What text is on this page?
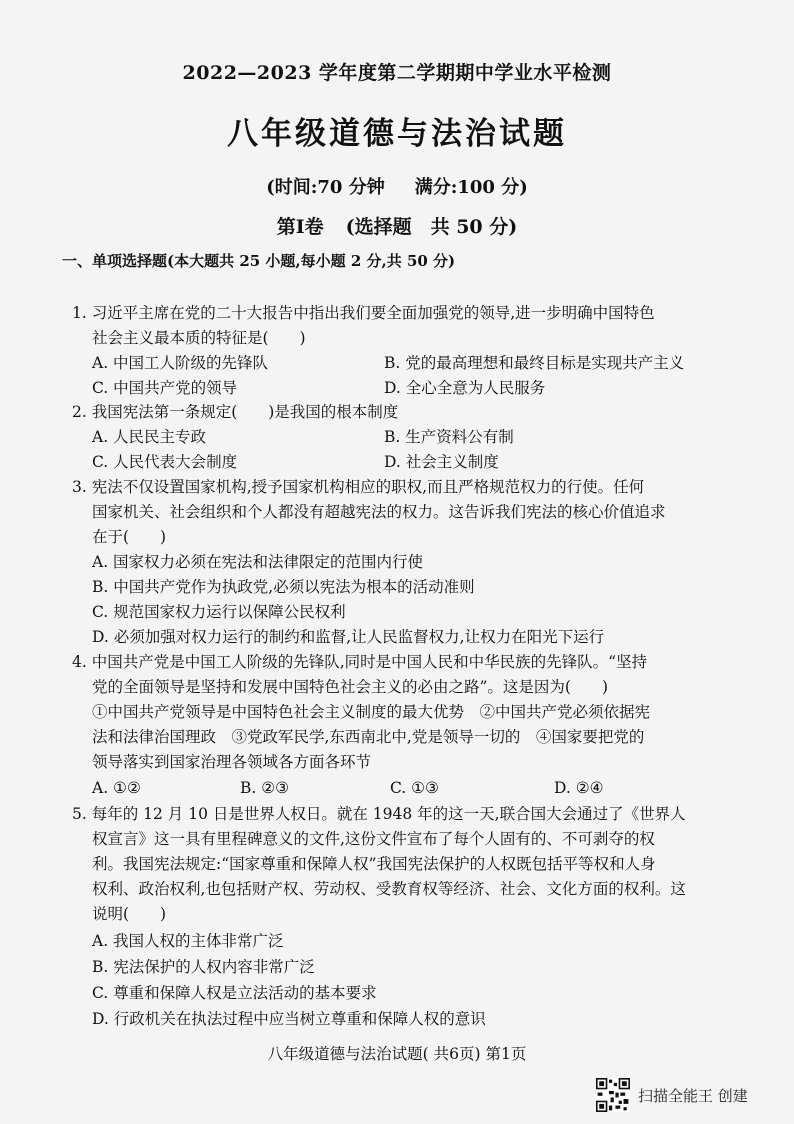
2022—2023 学年度第二学期期中学业水平检测
八年级道德与法治试题
(时间:70 分钟 满分:100 分)
第Ⅰ卷 (选择题　共 50 分)
一、单项选择题(本大题共 25 小题,每小题 2 分,共 50 分)
1. 习近平主席在党的二十大报告中指出我们要全面加强党的领导,进一步明确中国特色
社会主义最本质的特征是(　　)
A. 中国工人阶级的先锋队	B. 党的最高理想和最终目标是实现共产主义
C. 中国共产党的领导	D. 全心全意为人民服务
2. 我国宪法第一条规定(　　)是我国的根本制度
A. 人民民主专政	B. 生产资料公有制
C. 人民代表大会制度	D. 社会主义制度
3. 宪法不仅设置国家机构,授予国家机构相应的职权,而且严格规范权力的行使。任何
国家机关、社会组织和个人都没有超越宪法的权力。这告诉我们宪法的核心价值追求
在于(　　)
A. 国家权力必须在宪法和法律限定的范围内行使
B. 中国共产党作为执政党,必须以宪法为根本的活动准则
C. 规范国家权力运行以保障公民权利
D. 必须加强对权力运行的制约和监督,让人民监督权力,让权力在阳光下运行
4. 中国共产党是中国工人阶级的先锋队,同时是中国人民和中华民族的先锋队。“坚持
党的全面领导是坚持和发展中国特色社会主义的必由之路”。这是因为(　　)
①中国共产党领导是中国特色社会主义制度的最大优势　②中国共产党必须依据宪
法和法律治国理政　③党政军民学,东西南北中,党是领导一切的　④国家要把党的
领导落实到国家治理各领域各方面各环节
A. ①②	B. ②③	C. ①③	D. ②④
5. 每年的 12 月 10 日是世界人权日。就在 1948 年的这一天,联合国大会通过了《世界人
权宣言》这一具有里程碑意义的文件,这份文件宣布了每个人固有的、不可剥夺的权
利。我国宪法规定:“国家尊重和保障人权”我国宪法保护的人权既包括平等权和人身
权利、政治权利,也包括财产权、劳动权、受教育权等经济、社会、文化方面的权利。这
说明(　　)
A. 我国人权的主体非常广泛
B. 宪法保护的人权内容非常广泛
C. 尊重和保障人权是立法活动的基本要求
D. 行政机关在执法过程中应当树立尊重和保障人权的意识
八年级道德与法治试题( 共6页) 第1页
扫描全能王 创建
